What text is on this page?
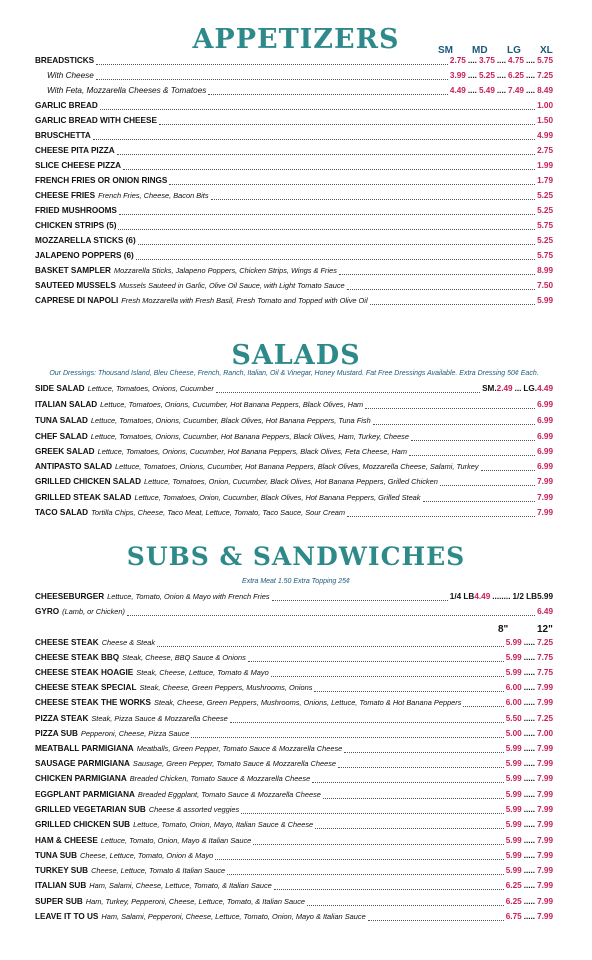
APPETIZERS	SM MD LG XL
BREADSTICKS	2.75 .... 3.75 .... 4.75 .... 5.75
With Cheese	3.99 .... 5.25 .... 6.25 .... 7.25
With Feta, Mozzarella Cheeses & Tomatoes	4.49 .... 5.49 .... 7.49 .... 8.49
GARLIC BREAD	1.00
GARLIC BREAD WITH CHEESE	1.50
BRUSCHETTA	4.99
CHEESE PITA PIZZA	2.75
SLICE CHEESE PIZZA	1.99
FRENCH FRIES OR ONION RINGS	1.79
CHEESE FRIES French Fries, Cheese, Bacon Bits	5.25
FRIED MUSHROOMS	5.25
CHICKEN STRIPS (5)	5.75
MOZZARELLA STICKS (6)	5.25
JALAPENO POPPERS (6)	5.75
BASKET SAMPLER Mozzarella Sticks, Jalapeno Poppers, Chicken Strips, Wings & Fries	8.99
SAUTEED MUSSELS Mussels Sauteed in Garlic, Olive Oil Sauce, with Light Tomato Sauce	7.50
CAPRESE DI NAPOLI Fresh Mozzarella with Fresh Basil, Fresh Tomato and Topped with Olive Oil	5.99
SALADS
Our Dressings: Thousand Island, Bleu Cheese, French, Ranch, Italian, Oil & Vinegar, Honey Mustard. Fat Free Dressings Available. Extra Dressing 50¢ Each.
SIDE SALAD Lettuce, Tomatoes, Onions, Cucumber	SM. 2.49 ... LG. 4.49
ITALIAN SALAD Lettuce, Tomatoes, Onions, Cucumber, Hot Banana Peppers, Black Olives, Ham	6.99
TUNA SALAD Lettuce, Tomatoes, Onions, Cucumber, Black Olives, Hot Banana Peppers, Tuna Fish	6.99
CHEF SALAD Lettuce, Tomatoes, Onions, Cucumber, Hot Banana Peppers, Black Olives, Ham, Turkey, Cheese	6.99
GREEK SALAD Lettuce, Tomatoes, Onions, Cucumber, Hot Banana Peppers, Black Olives, Feta Cheese, Ham	6.99
ANTIPASTO SALAD Lettuce, Tomatoes, Onions, Cucumber, Hot Banana Peppers, Black Olives, Mozzarella Cheese, Salami, Turkey	6.99
GRILLED CHICKEN SALAD Lettuce, Tomatoes, Onion, Cucumber, Black Olives, Hot Banana Peppers, Grilled Chicken	7.99
GRILLED STEAK SALAD Lettuce, Tomatoes, Onion, Cucumber, Black Olives, Hot Banana Peppers, Grilled Steak	7.99
TACO SALAD Tortilla Chips, Cheese, Taco Meat, Lettuce, Tomato, Taco Sauce, Sour Cream	7.99
SUBS & SANDWICHES
Extra Meat 1.50 Extra Topping 25¢
CHEESEBURGER Lettuce, Tomato, Onion & Mayo with French Fries	1/4 LB 4.49 ........ 1/2 LB 5.99
GYRO (Lamb, or Chicken)	6.49
CHEESE STEAK Cheese & Steak	5.99 ..... 7.25
CHEESE STEAK BBQ Steak, Cheese, BBQ Sauce & Onions	5.99 ..... 7.75
CHEESE STEAK HOAGIE Steak, Cheese, Lettuce, Tomato & Mayo	5.99 ..... 7.75
CHEESE STEAK SPECIAL Steak, Cheese, Green Peppers, Mushrooms, Onions	6.00 ..... 7.99
CHEESE STEAK THE WORKS Steak, Cheese, Green Peppers, Mushrooms, Onions, Lettuce, Tomato & Hot Banana Peppers	6.00 ..... 7.99
PIZZA STEAK Steak, Pizza Sauce & Mozzarella Cheese	5.50 ..... 7.25
PIZZA SUB Pepperoni, Cheese, Pizza Sauce	5.00 ..... 7.00
MEATBALL PARMIGIANA Meatballs, Green Pepper, Tomato Sauce & Mozzarella Cheese	5.99 ..... 7.99
SAUSAGE PARMIGIANA Sausage, Green Pepper, Tomato Sauce & Mozzarella Cheese	5.99 ..... 7.99
CHICKEN PARMIGIANA Breaded Chicken, Tomato Sauce & Mozzarella Cheese	5.99 ..... 7.99
EGGPLANT PARMIGIANA Breaded Eggplant, Tomato Sauce & Mozzarella Cheese	5.99 ..... 7.99
GRILLED VEGETARIAN SUB Cheese & assorted veggies	5.99 ..... 7.99
GRILLED CHICKEN SUB Lettuce, Tomato, Onion, Mayo, Italian Sauce & Cheese	5.99 ..... 7.99
HAM & CHEESE Lettuce, Tomato, Onion, Mayo & Italian Sauce	5.99 ..... 7.99
TUNA SUB Cheese, Lettuce, Tomato, Onion & Mayo	5.99 ..... 7.99
TURKEY SUB Cheese, Lettuce, Tomato & Italian Sauce	5.99 ..... 7.99
ITALIAN SUB Ham, Salami, Cheese, Lettuce, Tomato, & Italian Sauce	6.25 ..... 7.99
SUPER SUB Ham, Turkey, Pepperoni, Cheese, Lettuce, Tomato, & Italian Sauce	6.25 ..... 7.99
LEAVE IT TO US Ham, Salami, Pepperoni, Cheese, Lettuce, Tomato, Onion, Mayo & Italian Sauce	6.75 ..... 7.99
8"	12"
